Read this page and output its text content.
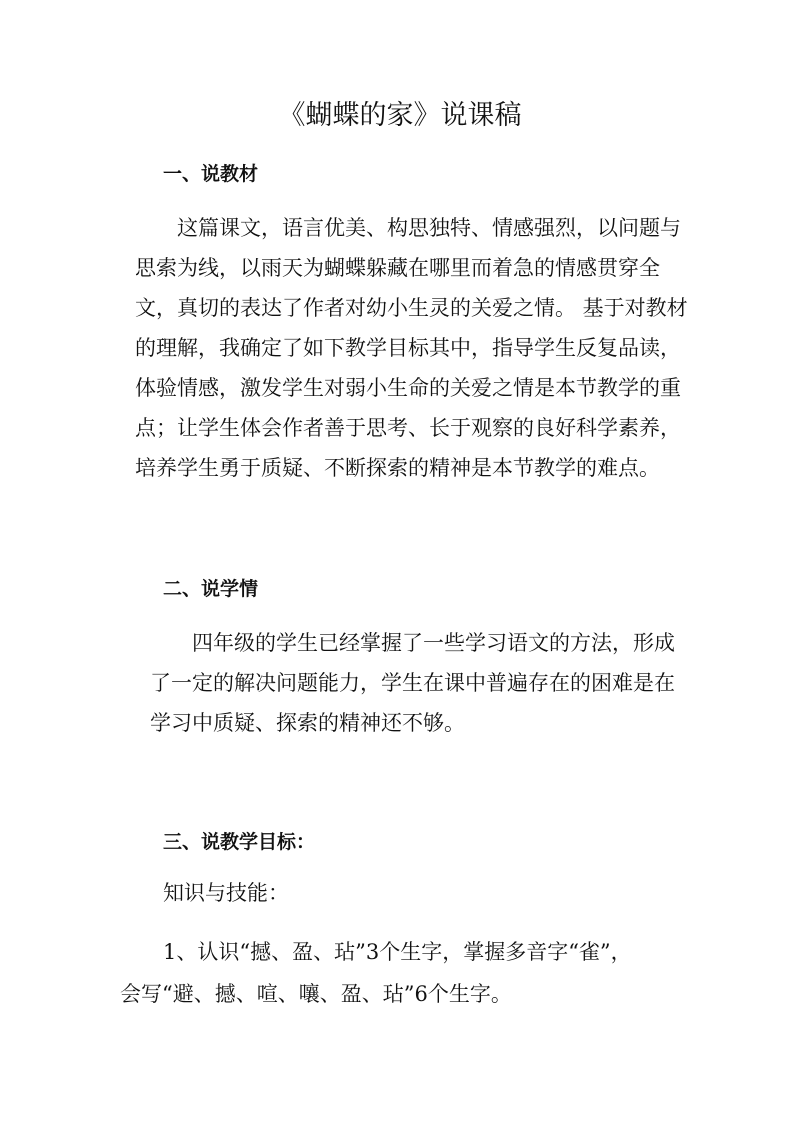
《蝴蝶的家》说课稿
一、说教材

这篇课文，语言优美、构思独特、情感强烈，以问题与思索为线，以雨天为蝴蝶躲藏在哪里而着急的情感贯穿全文，真切的表达了作者对幼小生灵的关爱之情。 基于对教材的理解，我确定了如下教学目标其中，指导学生反复品读，体验情感，激发学生对弱小生命的关爱之情是本节教学的重点；让学生体会作者善于思考、长于观察的良好科学素养，培养学生勇于质疑、不断探索的精神是本节教学的难点。

二、说学情

四年级的学生已经掌握了一些学习语文的方法，形成了一定的解决问题能力，学生在课中普遍存在的困难是在学习中质疑、探索的精神还不够。

三、说教学目标：

知识与技能：

1、认识“撼、盈、玷”3个生字，掌握多音字“雀”，

会写“避、撼、喧、嚷、盈、玷”6个生字。
